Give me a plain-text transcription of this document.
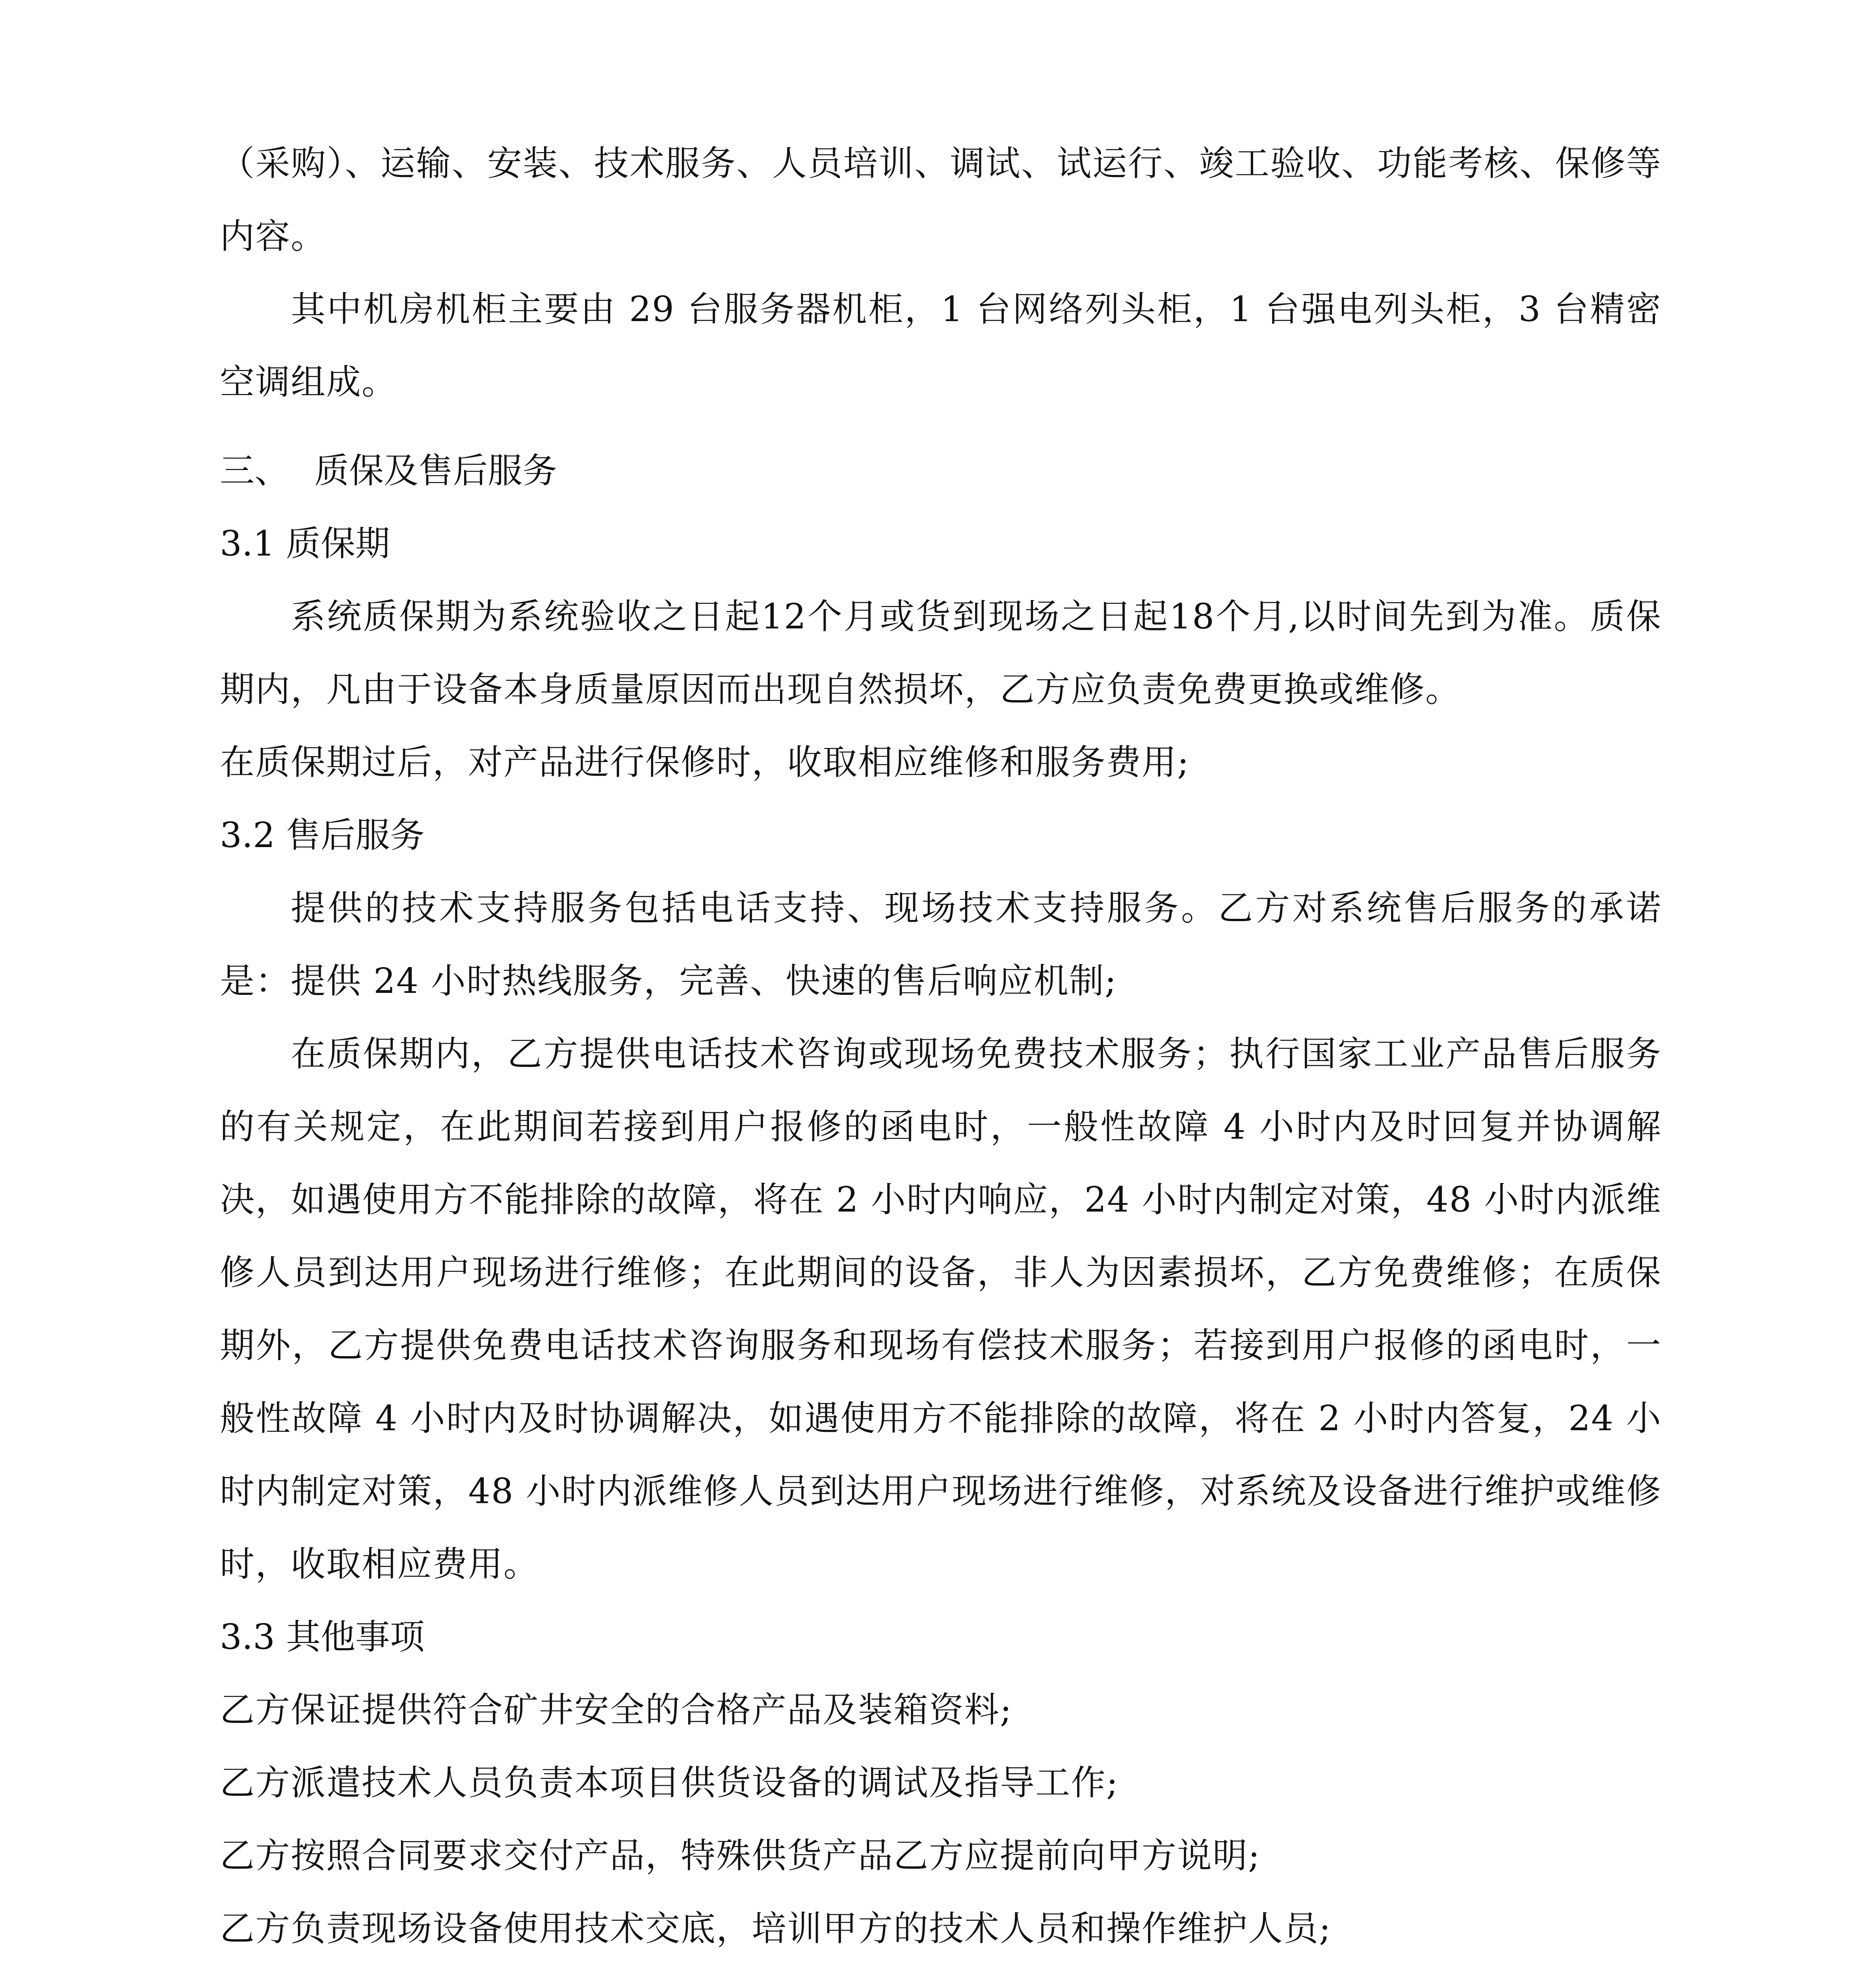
（采购）、运输、安装、技术服务、人员培训、调试、试运行、竣工验收、功能考核、保修等内容。

其中机房机柜主要由 29 台服务器机柜，1 台网络列头柜，1 台强电列头柜，3 台精密空调组成。

三、 质保及售后服务

3.1 质保期

系统质保期为系统验收之日起12个月或货到现场之日起18个月,以时间先到为准。质保期内，凡由于设备本身质量原因而出现自然损坏，乙方应负责免费更换或维修。

在质保期过后，对产品进行保修时，收取相应维修和服务费用;

3.2 售后服务

提供的技术支持服务包括电话支持、现场技术支持服务。乙方对系统售后服务的承诺是：提供 24 小时热线服务，完善、快速的售后响应机制;

在质保期内，乙方提供电话技术咨询或现场免费技术服务；执行国家工业产品售后服务的有关规定，在此期间若接到用户报修的函电时，一般性故障 4 小时内及时回复并协调解决，如遇使用方不能排除的故障，将在 2 小时内响应，24 小时内制定对策，48 小时内派维修人员到达用户现场进行维修；在此期间的设备，非人为因素损坏，乙方免费维修；在质保期外，乙方提供免费电话技术咨询服务和现场有偿技术服务；若接到用户报修的函电时，一般性故障 4 小时内及时协调解决，如遇使用方不能排除的故障，将在 2 小时内答复，24 小时内制定对策，48 小时内派维修人员到达用户现场进行维修，对系统及设备进行维护或维修时，收取相应费用。

3.3 其他事项

乙方保证提供符合矿井安全的合格产品及装箱资料;

乙方派遣技术人员负责本项目供货设备的调试及指导工作;

乙方按照合同要求交付产品，特殊供货产品乙方应提前向甲方说明;

乙方负责现场设备使用技术交底，培训甲方的技术人员和操作维护人员;
